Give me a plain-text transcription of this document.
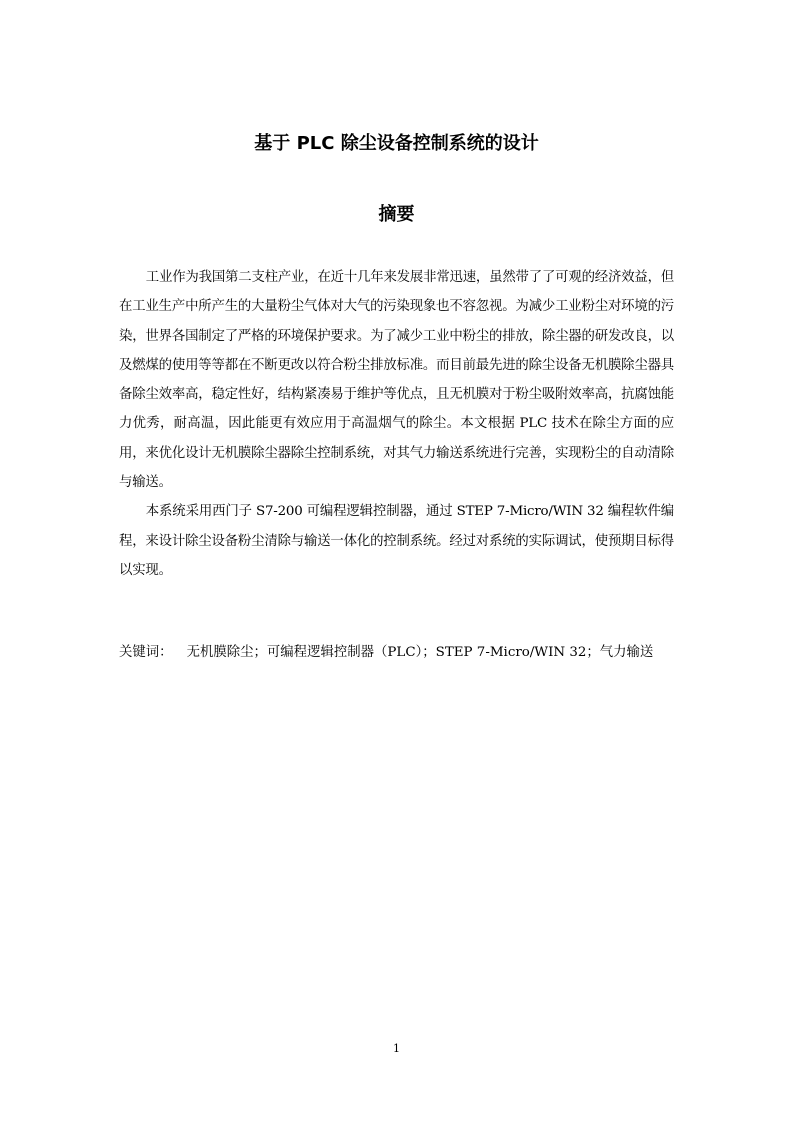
基于 PLC 除尘设备控制系统的设计
摘要

工业作为我国第二支柱产业，在近十几年来发展非常迅速，虽然带了了可观的经济效益，但在工业生产中所产生的大量粉尘气体对大气的污染现象也不容忽视。为减少工业粉尘对环境的污染，世界各国制定了严格的环境保护要求。为了减少工业中粉尘的排放，除尘器的研发改良，以及燃煤的使用等等都在不断更改以符合粉尘排放标准。而目前最先进的除尘设备无机膜除尘器具备除尘效率高，稳定性好，结构紧凑易于维护等优点，且无机膜对于粉尘吸附效率高，抗腐蚀能力优秀，耐高温，因此能更有效应用于高温烟气的除尘。本文根据 PLC 技术在除尘方面的应用，来优化设计无机膜除尘器除尘控制系统，对其气力输送系统进行完善，实现粉尘的自动清除与输送。

本系统采用西门子 S7-200 可编程逻辑控制器，通过 STEP 7-Micro/WIN 32 编程软件编程，来设计除尘设备粉尘清除与输送一体化的控制系统。经过对系统的实际调试，使预期目标得以实现。

关键词： 无机膜除尘；可编程逻辑控制器（PLC）；STEP 7-Micro/WIN 32；气力输送

1
